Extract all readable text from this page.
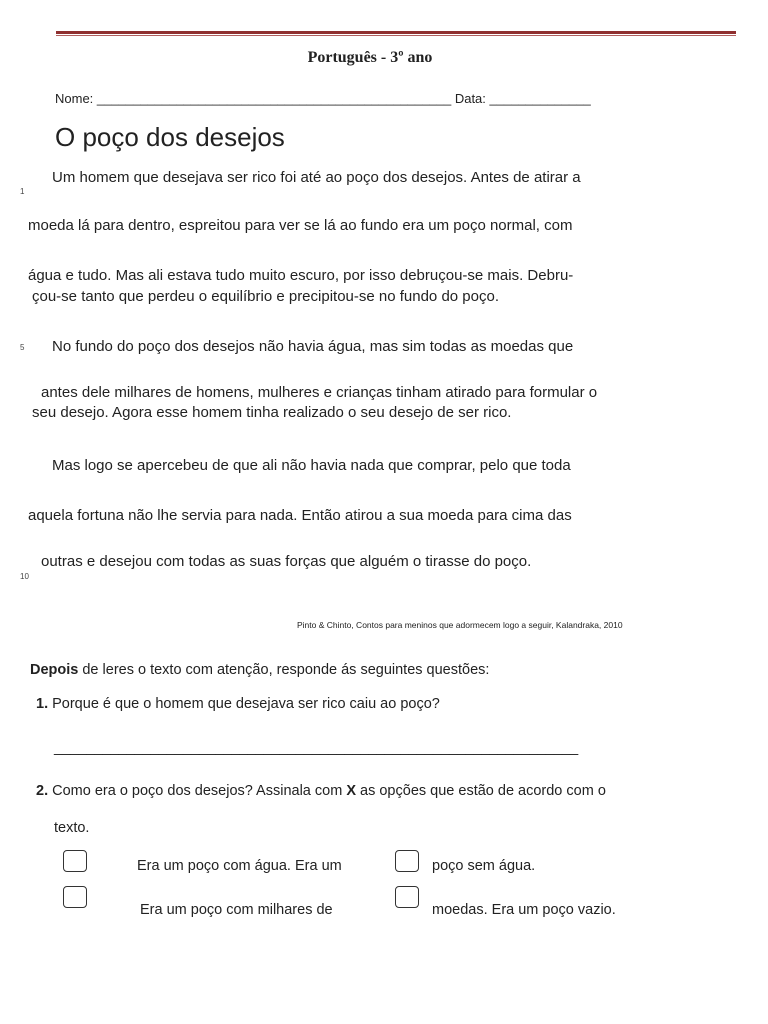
Português - 3º ano
Nome: _________________________________________________ Data: ______________
O poço dos desejos
Um homem que desejava ser rico foi até ao poço dos desejos. Antes de atirar a
moeda lá para dentro, espreitou para ver se lá ao fundo era um poço normal, com
água e tudo. Mas ali estava tudo muito escuro, por isso debruçou-se mais. Debru-
çou-se tanto que perdeu o equilíbrio e precipitou-se no fundo do poço.
No fundo do poço dos desejos não havia água, mas sim todas as moedas que
antes dele milhares de homens, mulheres e crianças tinham atirado para formular o
seu desejo. Agora esse homem tinha realizado o seu desejo de ser rico.
Mas logo se apercebeu de que ali não havia nada que comprar, pelo que toda
aquela fortuna não lhe servia para nada. Então atirou a sua moeda para cima das
outras e desejou com todas as suas forças que alguém o tirasse do poço.
1
5
10
Pinto & Chinto, Contos para meninos que adormecem logo a seguir, Kalandraka, 2010
Depois de leres o texto com atenção, responde ás seguintes questões:
1. Porque é que o homem que desejava ser rico caiu ao poço?
_________________________________________________________________
2. Como era o poço dos desejos? Assinala com X as opções que estão de acordo com o
texto.
Era um poço com água. Era um	poço sem água.
Era um poço com milhares de	moedas. Era um poço vazio.
